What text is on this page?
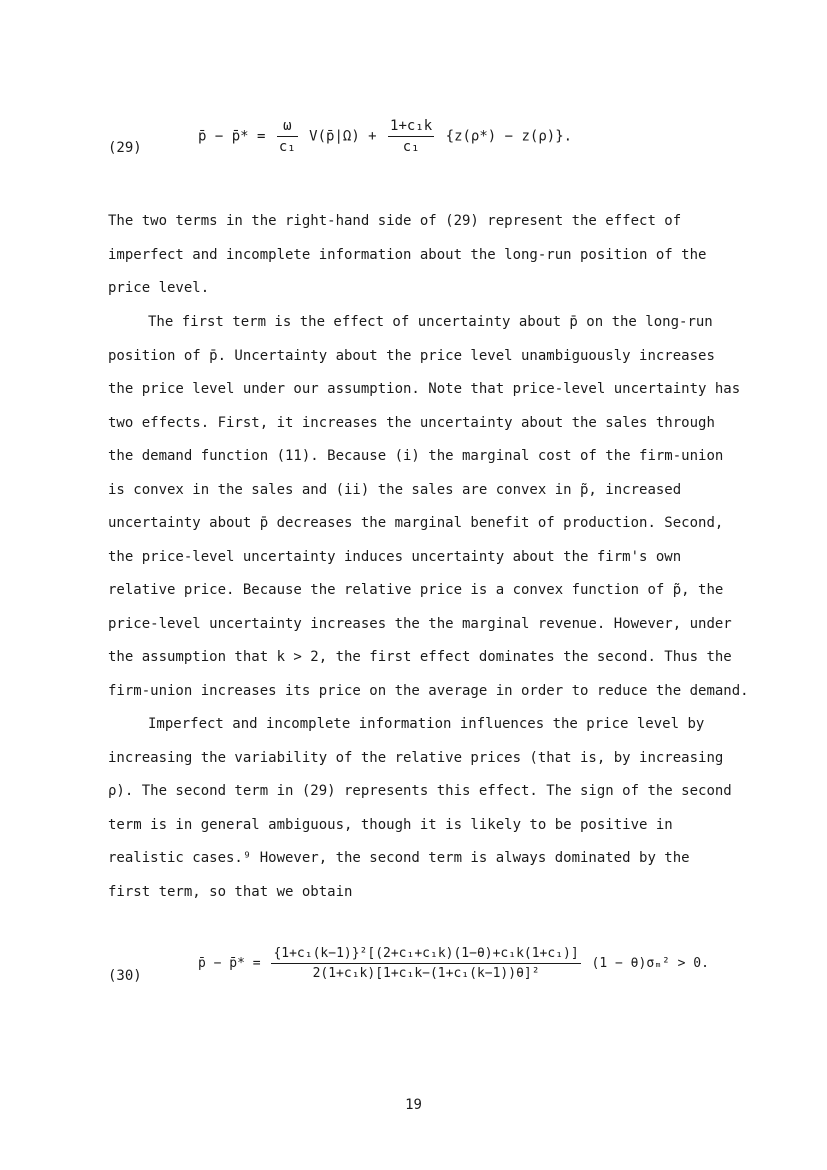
(29)
p̄ − p̄̄* = $\frac{\omega}{\text{c₁}}$ V(p̄|Ω) + $\frac{\text{1+c₁k}}{\text{c₁}} \{z(\rho*) - z(\rho)\}$.
The two terms in the right-hand side of (29) represent the effect of
imperfect and incomplete information about the long-run position of the
price level.
The first term is the effect of uncertainty about p̄ on the long-run
position of p̄. Uncertainty about the price level unambiguously increases
the price level under our assumption. Note that price-level uncertainty has
two effects. First, it increases the uncertainty about the sales through
the demand function (11). Because (i) the marginal cost of the firm-union
is convex in the sales and (ii) the sales are convex in p̃, increased
uncertainty about p̄ decreases the marginal benefit of production. Second,
the price-level uncertainty induces uncertainty about the firm's own
relative price. Because the relative price is a convex function of p̃, the
price-level uncertainty increases the the marginal revenue. However, under
the assumption that k > 2, the first effect dominates the second. Thus the
firm-union increases its price on the average in order to reduce the demand.
Imperfect and incomplete information influences the price level by
increasing the variability of the relative prices (that is, by increasing
ρ). The second term in (29) represents this effect. The sign of the second
term is in general ambiguous, though it is likely to be positive in
realistic cases.⁹ However, the second term is always dominated by the
first term, so that we obtain
(30)
p̄ − p̄̄* = $\frac{\text{\{1+c₁(k−1)\}²[(2+c₁+c₁k)(1−θ)+c₁k(1+c₁)]}}{\text{2(1+c₁k)[1+c₁k−(1+c₁(k−1))θ]²}} (1 - \theta)\sigma_m^2 > 0$.
19
